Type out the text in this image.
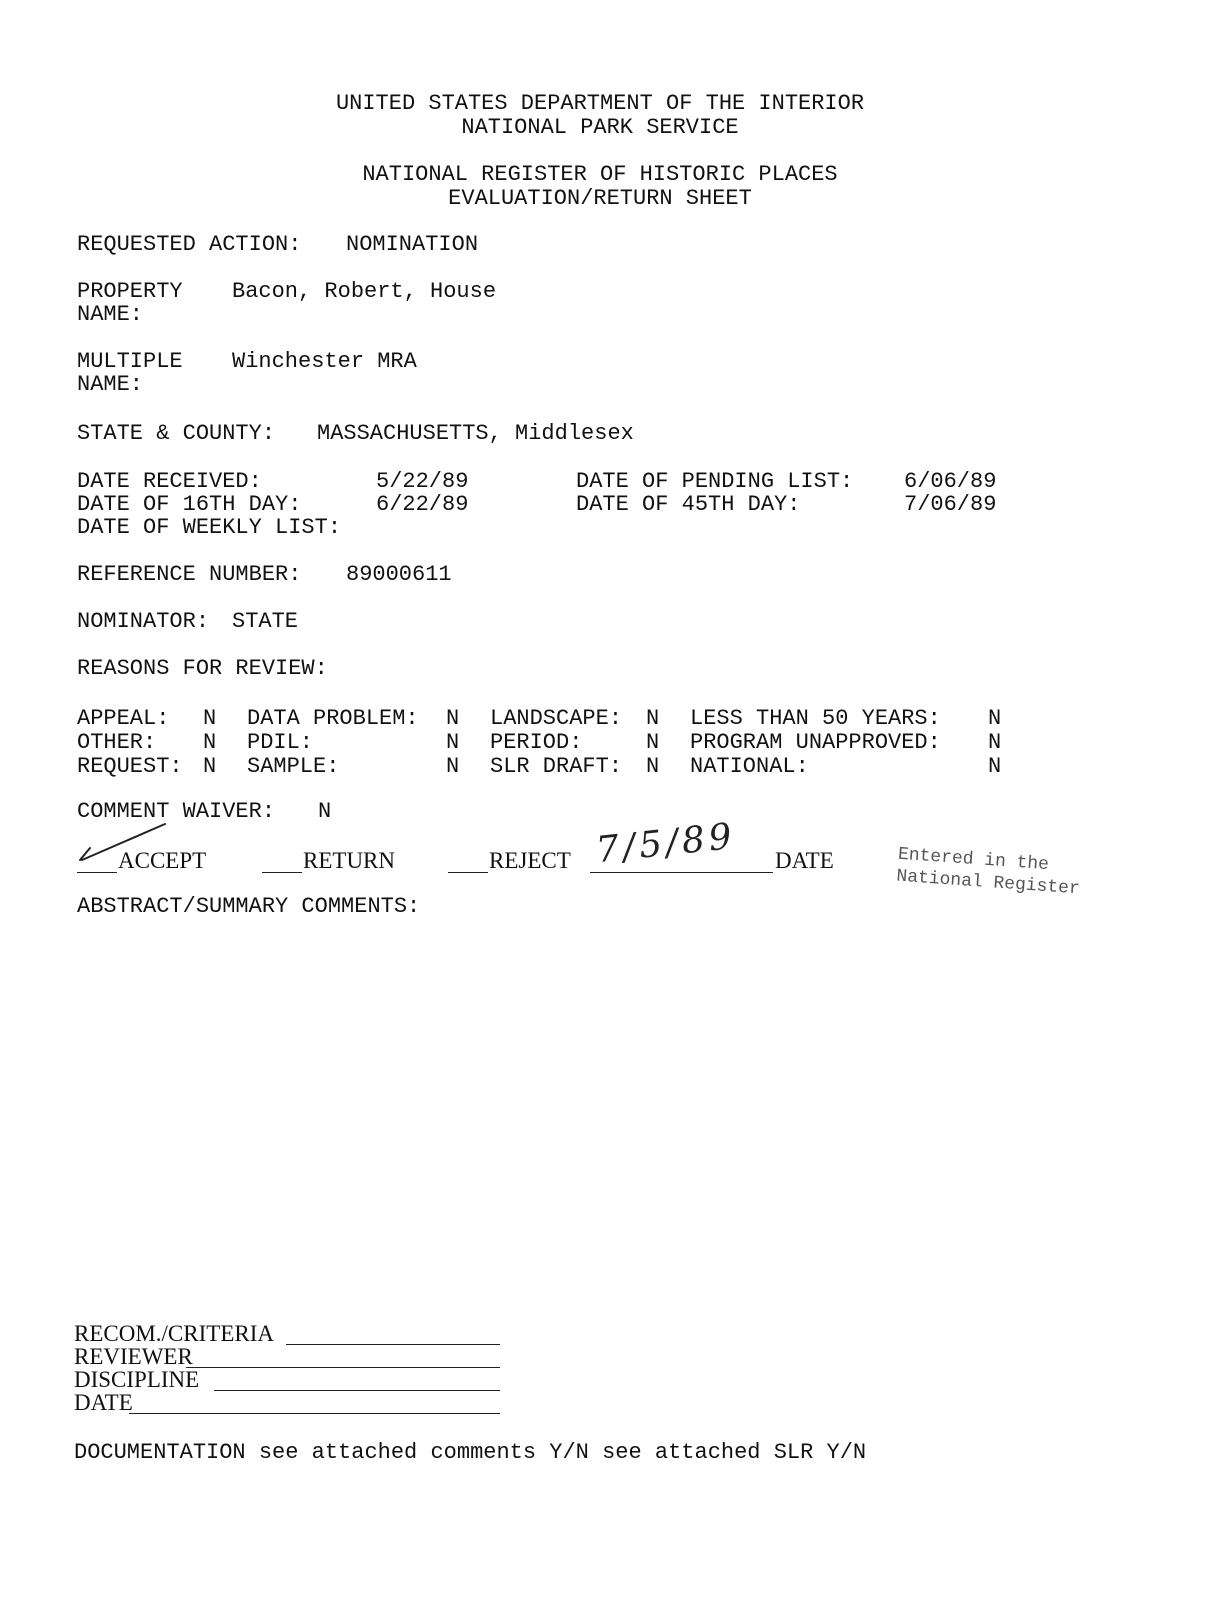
UNITED STATES DEPARTMENT OF THE INTERIOR
NATIONAL PARK SERVICE
NATIONAL REGISTER OF HISTORIC PLACES
EVALUATION/RETURN SHEET
REQUESTED ACTION: NOMINATION
PROPERTY
NAME:
Bacon, Robert, House
MULTIPLE
NAME:
Winchester MRA
STATE & COUNTY: MASSACHUSETTS, Middlesex
DATE RECEIVED:	5/22/89	DATE OF PENDING LIST: 6/06/89
DATE OF 16TH DAY:	6/22/89	DATE OF 45TH DAY:	7/06/89
DATE OF WEEKLY LIST:
REFERENCE NUMBER: 89000611
NOMINATOR: STATE
REASONS FOR REVIEW:
APPEAL: N DATA PROBLEM: N LANDSCAPE: N LESS THAN 50 YEARS: N
OTHER: N PDIL:	N PERIOD:	N PROGRAM UNAPPROVED: N
REQUEST: N SAMPLE:	N SLR DRAFT: N NATIONAL:	N
COMMENT WAIVER: N
ACCEPT	RETURN	REJECT 7/5/89 DATE	Entered in the
National Register
ABSTRACT/SUMMARY COMMENTS:
RECOM./CRITERIA
REVIEWER
DISCIPLINE
DATE
DOCUMENTATION see attached comments Y/N see attached SLR Y/N
